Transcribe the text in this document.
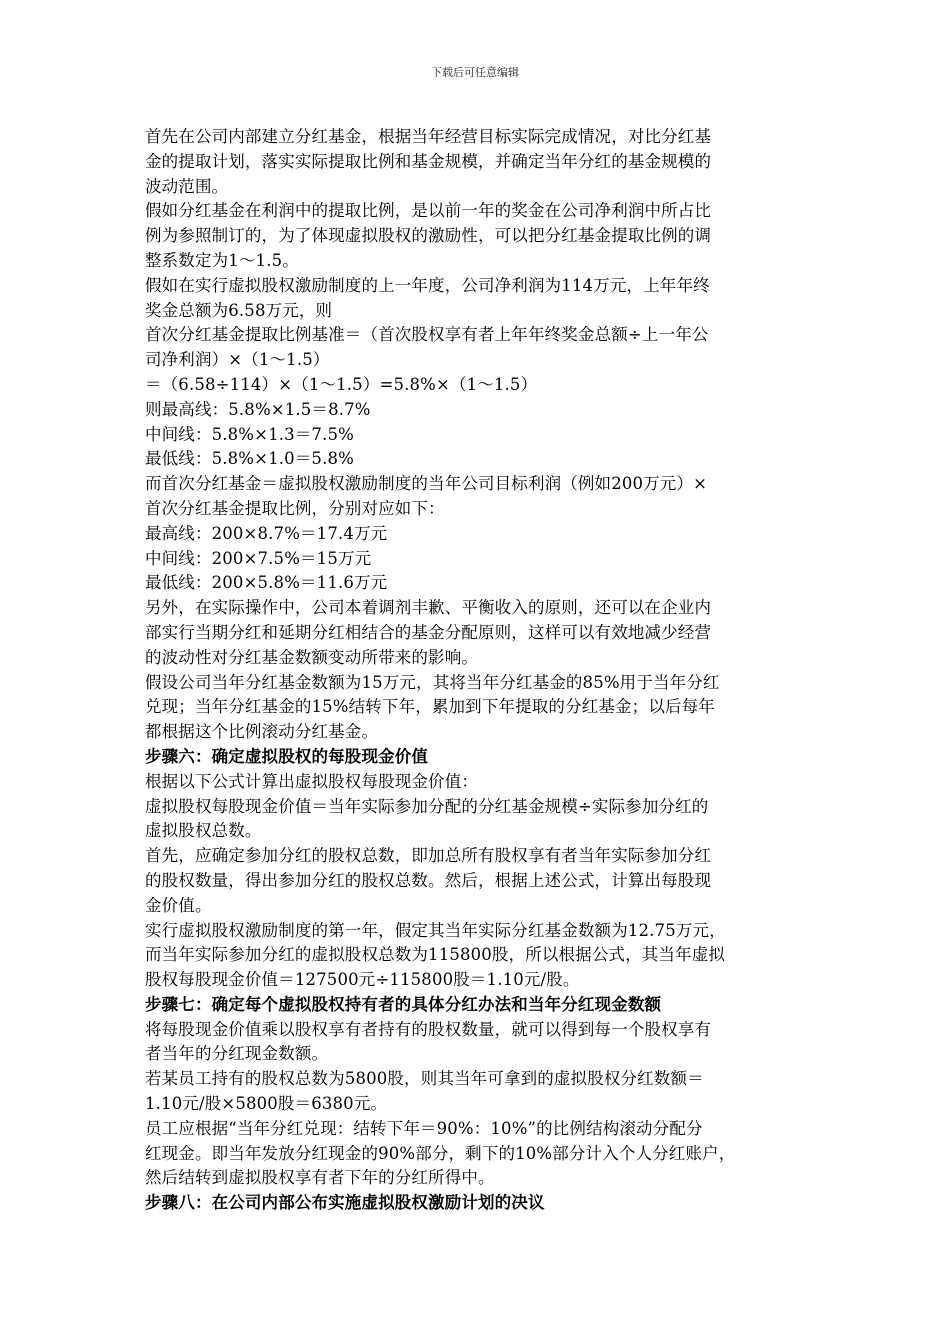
下载后可任意编辑
首先在公司内部建立分红基金，根据当年经营目标实际完成情况，对比分红基
金的提取计划，落实实际提取比例和基金规模，并确定当年分红的基金规模的
波动范围。
假如分红基金在利润中的提取比例，是以前一年的奖金在公司净利润中所占比
例为参照制订的，为了体现虚拟股权的激励性，可以把分红基金提取比例的调
整系数定为1～1.5。
假如在实行虚拟股权激励制度的上一年度，公司净利润为114万元，上年年终
奖金总额为6.58万元，则
首次分红基金提取比例基准＝（首次股权享有者上年年终奖金总额÷上一年公
司净利润）×（1～1.5）
＝（6.58÷114）×（1～1.5）=5.8%×（1～1.5）
则最高线：5.8%×1.5＝8.7%
中间线：5.8%×1.3＝7.5%
最低线：5.8%×1.0＝5.8%
而首次分红基金＝虚拟股权激励制度的当年公司目标利润（例如200万元）×
首次分红基金提取比例，分别对应如下：
最高线：200×8.7%＝17.4万元
中间线：200×7.5%＝15万元
最低线：200×5.8%＝11.6万元
另外，在实际操作中，公司本着调剂丰歉、平衡收入的原则，还可以在企业内
部实行当期分红和延期分红相结合的基金分配原则，这样可以有效地减少经营
的波动性对分红基金数额变动所带来的影响。
假设公司当年分红基金数额为15万元，其将当年分红基金的85%用于当年分红
兑现；当年分红基金的15%结转下年，累加到下年提取的分红基金；以后每年
都根据这个比例滚动分红基金。
步骤六：确定虚拟股权的每股现金价值
根据以下公式计算出虚拟股权每股现金价值：
虚拟股权每股现金价值＝当年实际参加分配的分红基金规模÷实际参加分红的
虚拟股权总数。
首先，应确定参加分红的股权总数，即加总所有股权享有者当年实际参加分红
的股权数量，得出参加分红的股权总数。然后，根据上述公式，计算出每股现
金价值。
实行虚拟股权激励制度的第一年，假定其当年实际分红基金数额为12.75万元，
而当年实际参加分红的虚拟股权总数为115800股，所以根据公式，其当年虚拟
股权每股现金价值＝127500元÷115800股＝1.10元/股。
步骤七：确定每个虚拟股权持有者的具体分红办法和当年分红现金数额
将每股现金价值乘以股权享有者持有的股权数量，就可以得到每一个股权享有
者当年的分红现金数额。
若某员工持有的股权总数为5800股，则其当年可拿到的虚拟股权分红数额＝
1.10元/股×5800股＝6380元。
员工应根据“当年分红兑现：结转下年＝90%：10%”的比例结构滚动分配分
红现金。即当年发放分红现金的90%部分，剩下的10%部分计入个人分红账户，
然后结转到虚拟股权享有者下年的分红所得中。
步骤八：在公司内部公布实施虚拟股权激励计划的决议
